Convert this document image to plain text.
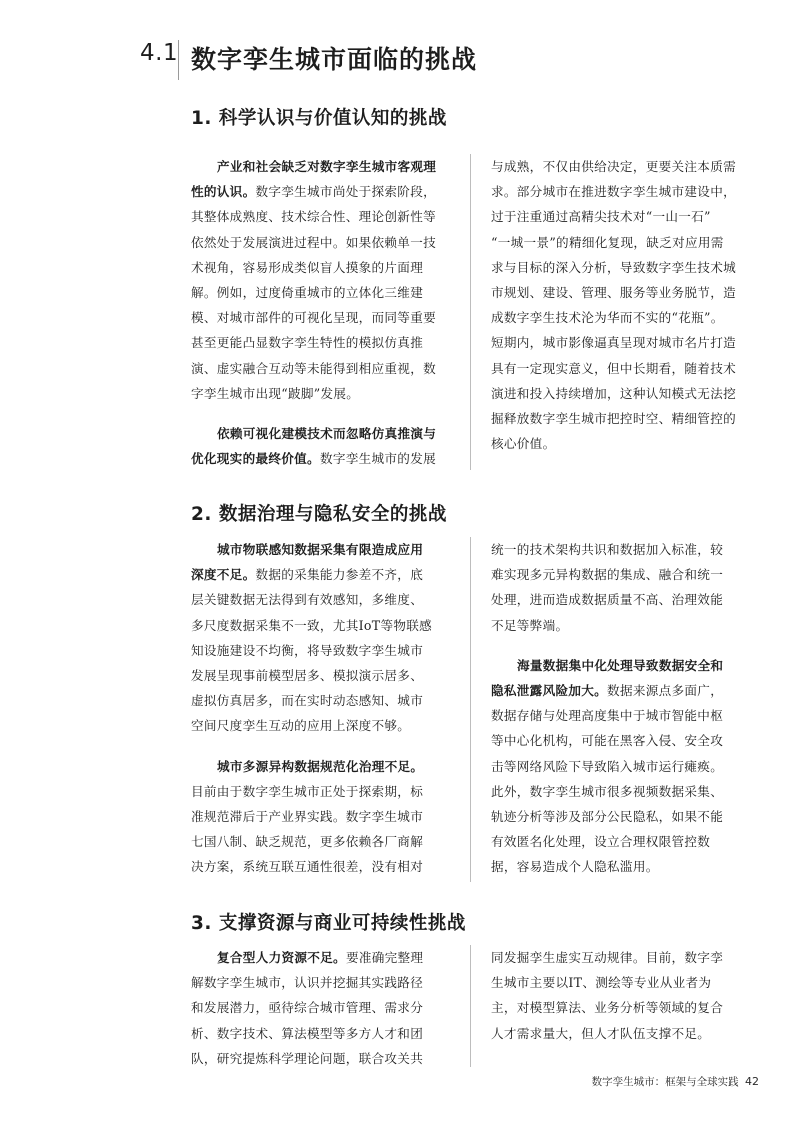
4.1 数字孪生城市面临的挑战
1. 科学认识与价值认知的挑战
产业和社会缺乏对数字孪生城市客观理
性的认识。数字孪生城市尚处于探索阶段，
其整体成熟度、技术综合性、理论创新性等
依然处于发展演进过程中。如果依赖单一技
术视角，容易形成类似盲人摸象的片面理
解。例如，过度倚重城市的立体化三维建
模、对城市部件的可视化呈现，而同等重要
甚至更能凸显数字孪生特性的模拟仿真推
演、虚实融合互动等未能得到相应重视，数
字孪生城市出现“跛脚”发展。
依赖可视化建模技术而忽略仿真推演与
优化现实的最终价值。数字孪生城市的发展
与成熟，不仅由供给决定，更要关注本质需
求。部分城市在推进数字孪生城市建设中，
过于注重通过高精尖技术对“一山一石”
“一城一景”的精细化复现，缺乏对应用需
求与目标的深入分析，导致数字孪生技术城
市规划、建设、管理、服务等业务脱节，造
成数字孪生技术沦为华而不实的“花瓶”。
短期内，城市影像逼真呈现对城市名片打造
具有一定现实意义，但中长期看，随着技术
演进和投入持续增加，这种认知模式无法挖
掘释放数字孪生城市把控时空、精细管控的
核心价值。
2. 数据治理与隐私安全的挑战
城市物联感知数据采集有限造成应用
深度不足。数据的采集能力参差不齐，底
层关键数据无法得到有效感知，多维度、
多尺度数据采集不一致，尤其IoT等物联感
知设施建设不均衡，将导致数字孪生城市
发展呈现事前模型居多、模拟演示居多、
虚拟仿真居多，而在实时动态感知、城市
空间尺度孪生互动的应用上深度不够。
城市多源异构数据规范化治理不足。
目前由于数字孪生城市正处于探索期，标
准规范滞后于产业界实践。数字孪生城市
七国八制、缺乏规范，更多依赖各厂商解
决方案，系统互联互通性很差，没有相对
统一的技术架构共识和数据加入标准，较
难实现多元异构数据的集成、融合和统一
处理，进而造成数据质量不高、治理效能
不足等弊端。
海量数据集中化处理导致数据安全和
隐私泄露风险加大。数据来源点多面广，
数据存储与处理高度集中于城市智能中枢
等中心化机构，可能在黑客入侵、安全攻
击等网络风险下导致陷入城市运行瘫痪。
此外，数字孪生城市很多视频数据采集、
轨迹分析等涉及部分公民隐私，如果不能
有效匿名化处理，设立合理权限管控数
据，容易造成个人隐私滥用。
3. 支撑资源与商业可持续性挑战
复合型人力资源不足。要准确完整理
解数字孪生城市，认识并挖掘其实践路径
和发展潜力，亟待综合城市管理、需求分
析、数字技术、算法模型等多方人才和团
队，研究提炼科学理论问题，联合攻关共
同发掘孪生虚实互动规律。目前，数字孪
生城市主要以IT、测绘等专业从业者为
主，对模型算法、业务分析等领域的复合
人才需求量大，但人才队伍支撑不足。
数字孪生城市：框架与全球实践 42
